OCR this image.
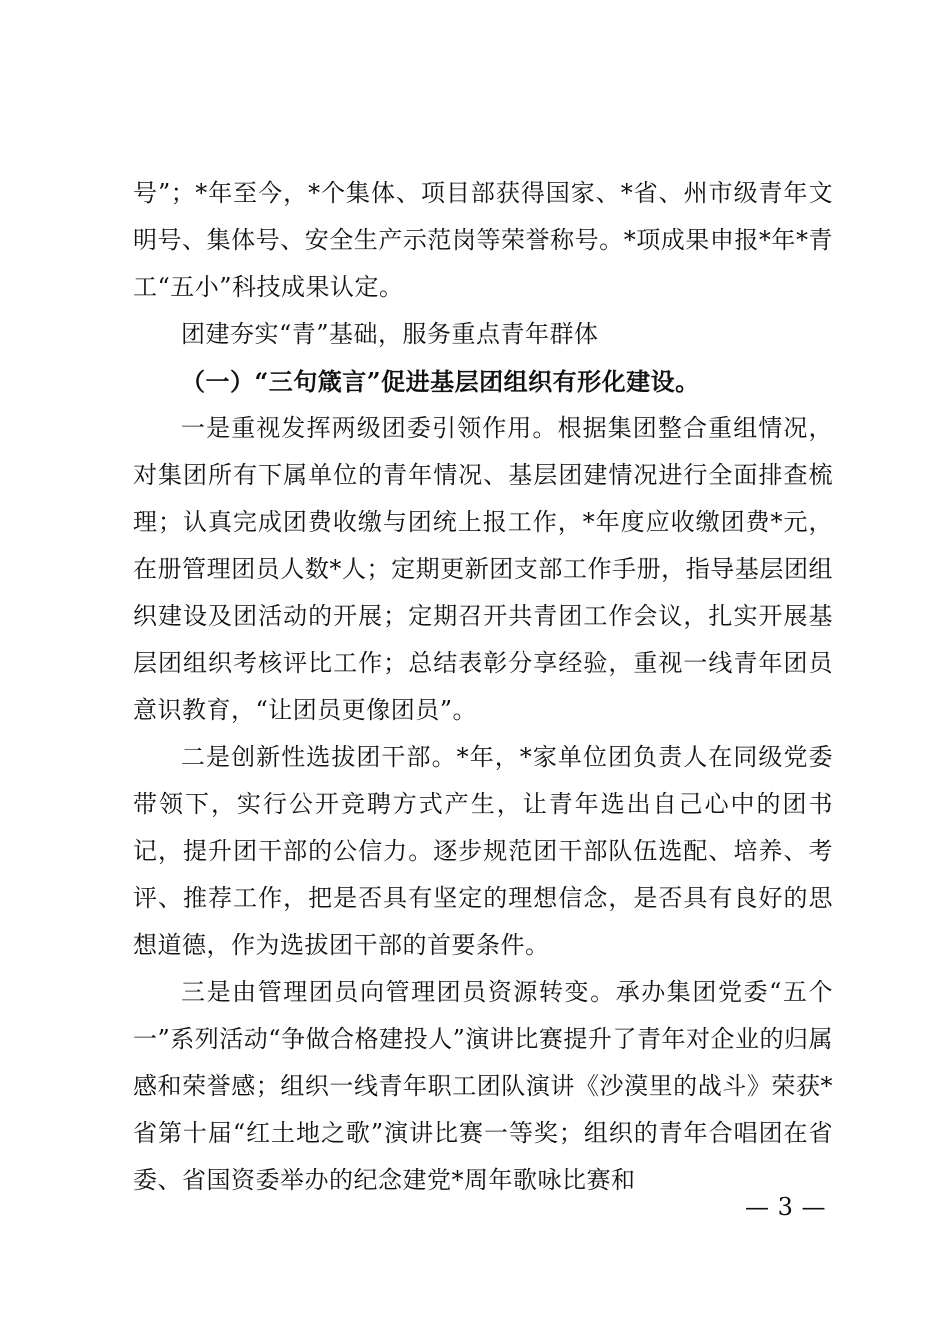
号”；*年至今，*个集体、项目部获得国家、*省、州市级青年文明号、集体号、安全生产示范岗等荣誉称号。*项成果申报*年*青工“五小”科技成果认定。

团建夯实“青”基础，服务重点青年群体

（一）“三句箴言”促进基层团组织有形化建设。

一是重视发挥两级团委引领作用。根据集团整合重组情况，对集团所有下属单位的青年情况、基层团建情况进行全面排查梳理；认真完成团费收缴与团统上报工作，*年度应收缴团费*元，在册管理团员人数*人；定期更新团支部工作手册，指导基层团组织建设及团活动的开展；定期召开共青团工作会议，扎实开展基层团组织考核评比工作；总结表彰分享经验，重视一线青年团员意识教育，“让团员更像团员”。

二是创新性选拔团干部。*年，*家单位团负责人在同级党委带领下，实行公开竞聘方式产生，让青年选出自己心中的团书记，提升团干部的公信力。逐步规范团干部队伍选配、培养、考评、推荐工作，把是否具有坚定的理想信念，是否具有良好的思想道德，作为选拔团干部的首要条件。

三是由管理团员向管理团员资源转变。承办集团党委“五个一”系列活动“争做合格建投人”演讲比赛提升了青年对企业的归属感和荣誉感；组织一线青年职工团队演讲《沙漠里的战斗》荣获*省第十届“红土地之歌”演讲比赛一等奖；组织的青年合唱团在省委、省国资委举办的纪念建党*周年歌咏比赛和

— 3 —
